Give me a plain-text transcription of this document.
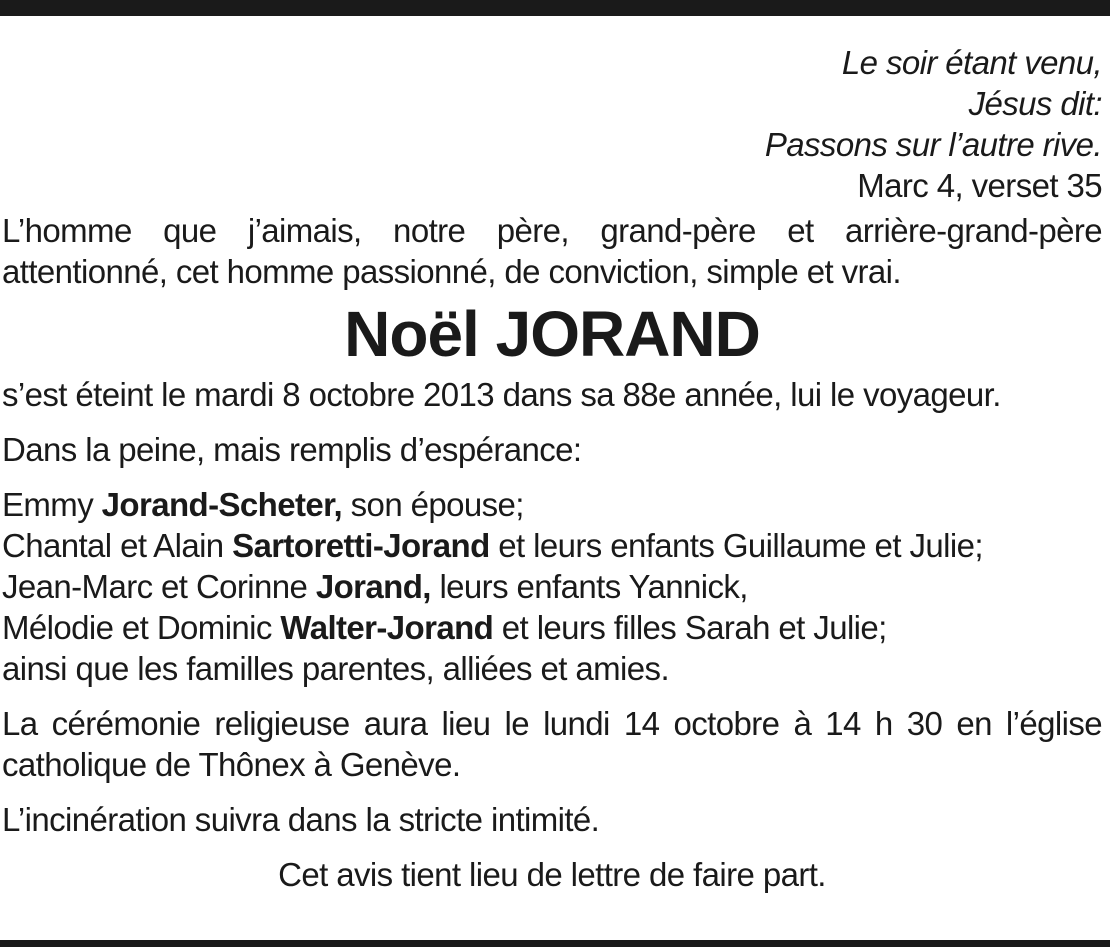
Le soir étant venu,
Jésus dit:
Passons sur l’autre rive.
Marc 4, verset 35

L’homme que j’aimais, notre père, grand-père et arrière-grand-père attentionné, cet homme passionné, de conviction, simple et vrai.

Noël JORAND

s’est éteint le mardi 8 octobre 2013 dans sa 88e année, lui le voyageur.

Dans la peine, mais remplis d’espérance:

Emmy Jorand-Scheter, son épouse;
Chantal et Alain Sartoretti-Jorand et leurs enfants Guillaume et Julie;
Jean-Marc et Corinne Jorand, leurs enfants Yannick,
Mélodie et Dominic Walter-Jorand et leurs filles Sarah et Julie;
ainsi que les familles parentes, alliées et amies.

La cérémonie religieuse aura lieu le lundi 14 octobre à 14 h 30 en l’église catholique de Thônex à Genève.

L’incinération suivra dans la stricte intimité.

Cet avis tient lieu de lettre de faire part.
